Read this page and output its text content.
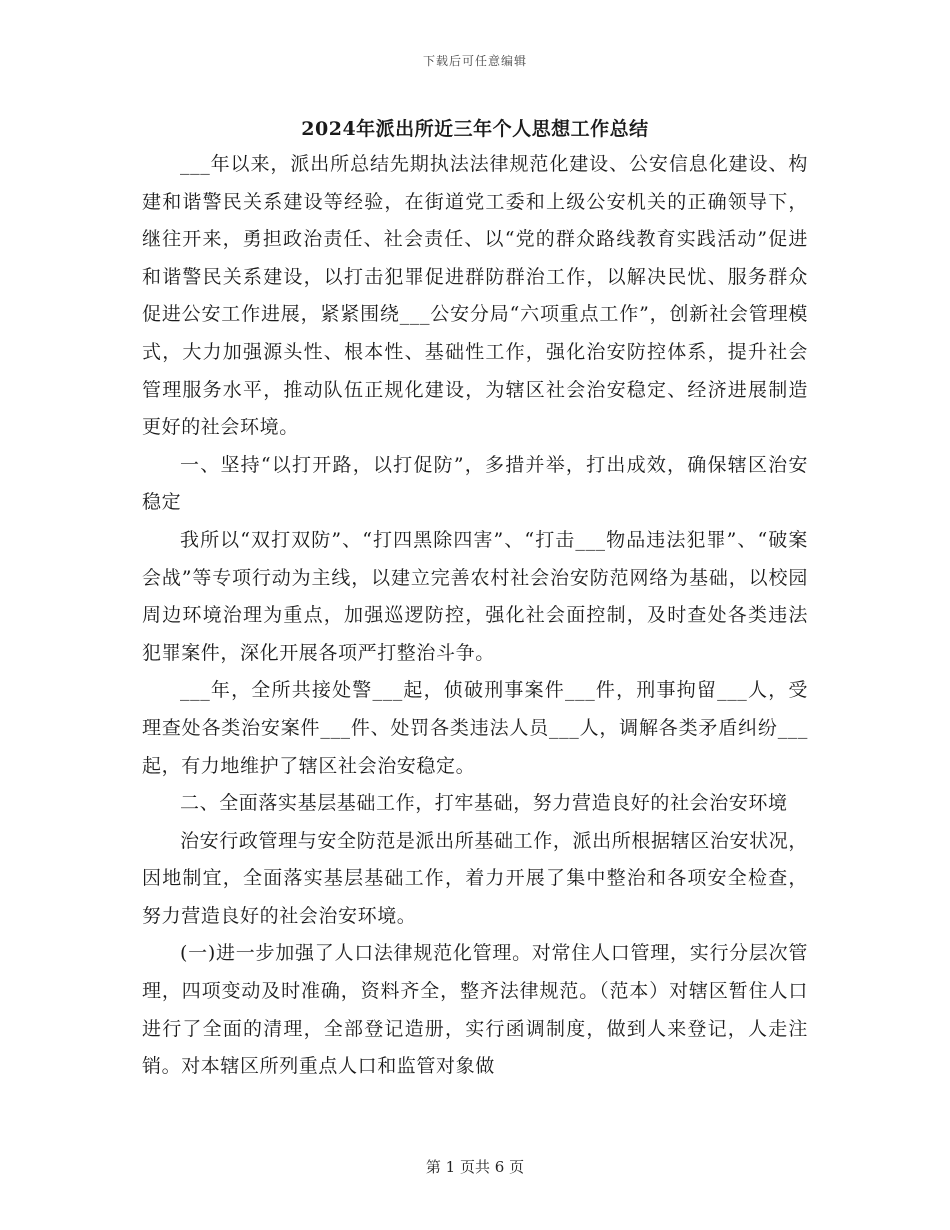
下载后可任意编辑
2024年派出所近三年个人思想工作总结

___年以来，派出所总结先期执法法律规范化建设、公安信息化建设、构建和谐警民关系建设等经验，在街道党工委和上级公安机关的正确领导下，继往开来，勇担政治责任、社会责任、以“党的群众路线教育实践活动”促进和谐警民关系建设，以打击犯罪促进群防群治工作，以解决民忧、服务群众促进公安工作进展，紧紧围绕___公安分局“六项重点工作”，创新社会管理模式，大力加强源头性、根本性、基础性工作，强化治安防控体系，提升社会管理服务水平，推动队伍正规化建设，为辖区社会治安稳定、经济进展制造更好的社会环境。

一、坚持“以打开路，以打促防”，多措并举，打出成效，确保辖区治安稳定

我所以“双打双防”、“打四黑除四害”、“打击___物品违法犯罪”、“破案会战”等专项行动为主线，以建立完善农村社会治安防范网络为基础，以校园周边环境治理为重点，加强巡逻防控，强化社会面控制，及时查处各类违法犯罪案件，深化开展各项严打整治斗争。

___年，全所共接处警___起，侦破刑事案件___件，刑事拘留___人，受理查处各类治安案件___件、处罚各类违法人员___人，调解各类矛盾纠纷___起，有力地维护了辖区社会治安稳定。

二、全面落实基层基础工作，打牢基础，努力营造良好的社会治安环境

治安行政管理与安全防范是派出所基础工作，派出所根据辖区治安状况，因地制宜，全面落实基层基础工作，着力开展了集中整治和各项安全检查，努力营造良好的社会治安环境。

(一)进一步加强了人口法律规范化管理。对常住人口管理，实行分层次管理，四项变动及时准确，资料齐全，整齐法律规范。（范本）对辖区暂住人口进行了全面的清理，全部登记造册，实行函调制度，做到人来登记，人走注销。对本辖区所列重点人口和监管对象做

第 1 页共 6 页
